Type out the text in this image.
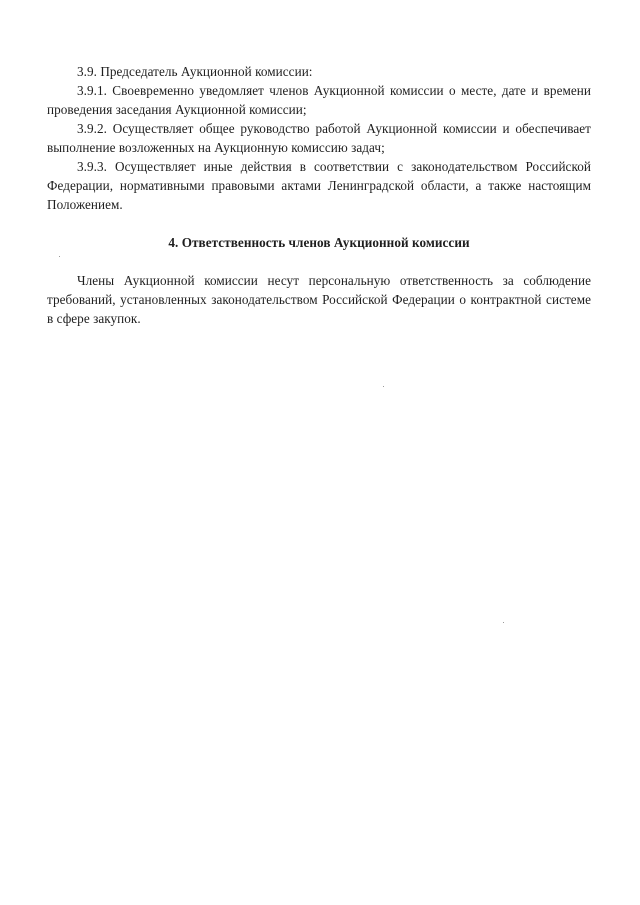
3.9. Председатель Аукционной комиссии:

3.9.1. Своевременно уведомляет членов Аукционной комиссии о месте, дате и времени проведения заседания Аукционной комиссии;

3.9.2. Осуществляет общее руководство работой Аукционной комиссии и обеспечивает выполнение возложенных на Аукционную комиссию задач;

3.9.3. Осуществляет иные действия в соответствии с законодательством Российской Федерации, нормативными правовыми актами Ленинградской области, а также настоящим Положением.

4. Ответственность членов Аукционной комиссии

Члены Аукционной комиссии несут персональную ответственность за соблюдение требований, установленных законодательством Российской Федерации о контрактной системе в сфере закупок.
